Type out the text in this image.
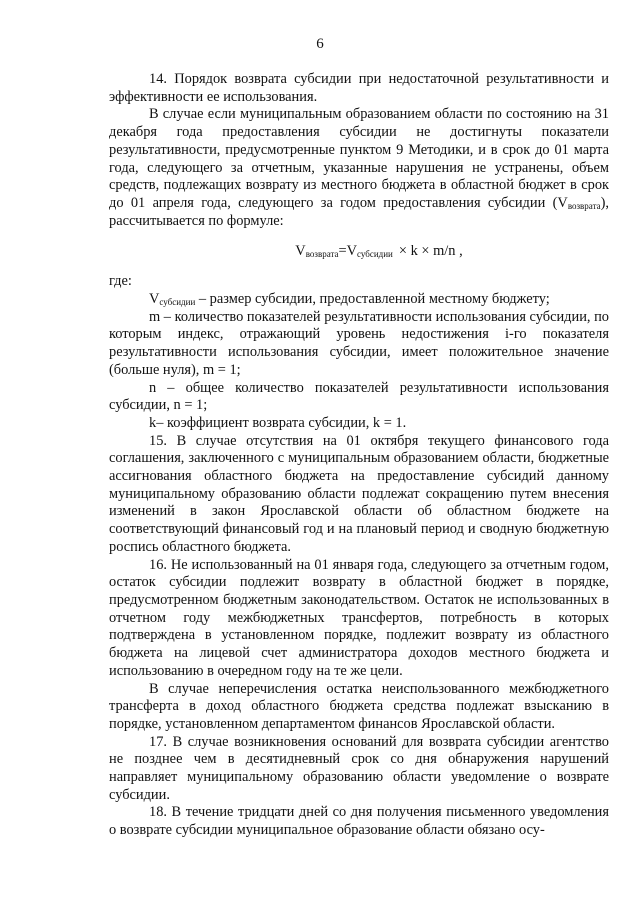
6

14. Порядок возврата субсидии при недостаточной результативности и эффективности ее использования.

В случае если муниципальным образованием области по состоянию на 31 декабря года предоставления субсидии не достигнуты показатели результативности, предусмотренные пунктом 9 Методики, и в срок до 01 марта года, следующего за отчетным, указанные нарушения не устранены, объем средств, подлежащих возврату из местного бюджета в областной бюджет в срок до 01 апреля года, следующего за годом предоставления субсидии $(V_{возврата})$, рассчитывается по формуле:

$V_{возврата}=V_{субсидии} \times k \times m/n$ ,

где:

$V_{субсидии}$ – размер субсидии, предоставленной местному бюджету;

m – количество показателей результативности использования субсидии, по которым индекс, отражающий уровень недостижения i-го показателя результативности использования субсидии, имеет положительное значение (больше нуля), m = 1;

n – общее количество показателей результативности использования субсидии, n = 1;

k– коэффициент возврата субсидии, k = 1.

15. В случае отсутствия на 01 октября текущего финансового года соглашения, заключенного с муниципальным образованием области, бюджетные ассигнования областного бюджета на предоставление субсидий данному муниципальному образованию области подлежат сокращению путем внесения изменений в закон Ярославской области об областном бюджете на соответствующий финансовый год и на плановый период и сводную бюджетную роспись областного бюджета.

16. Не использованный на 01 января года, следующего за отчетным годом, остаток субсидии подлежит возврату в областной бюджет в порядке, предусмотренном бюджетным законодательством. Остаток не использованных в отчетном году межбюджетных трансфертов, потребность в которых подтверждена в установленном порядке, подлежит возврату из областного бюджета на лицевой счет администратора доходов местного бюджета и использованию в очередном году на те же цели.

В случае неперечисления остатка неиспользованного межбюджетного трансферта в доход областного бюджета средства подлежат взысканию в порядке, установленном департаментом финансов Ярославской области.

17. В случае возникновения оснований для возврата субсидии агентство не позднее чем в десятидневный срок со дня обнаружения нарушений направляет муниципальному образованию области уведомление о возврате субсидии.

18. В течение тридцати дней со дня получения письменного уведомления о возврате субсидии муниципальное образование области обязано осу-
